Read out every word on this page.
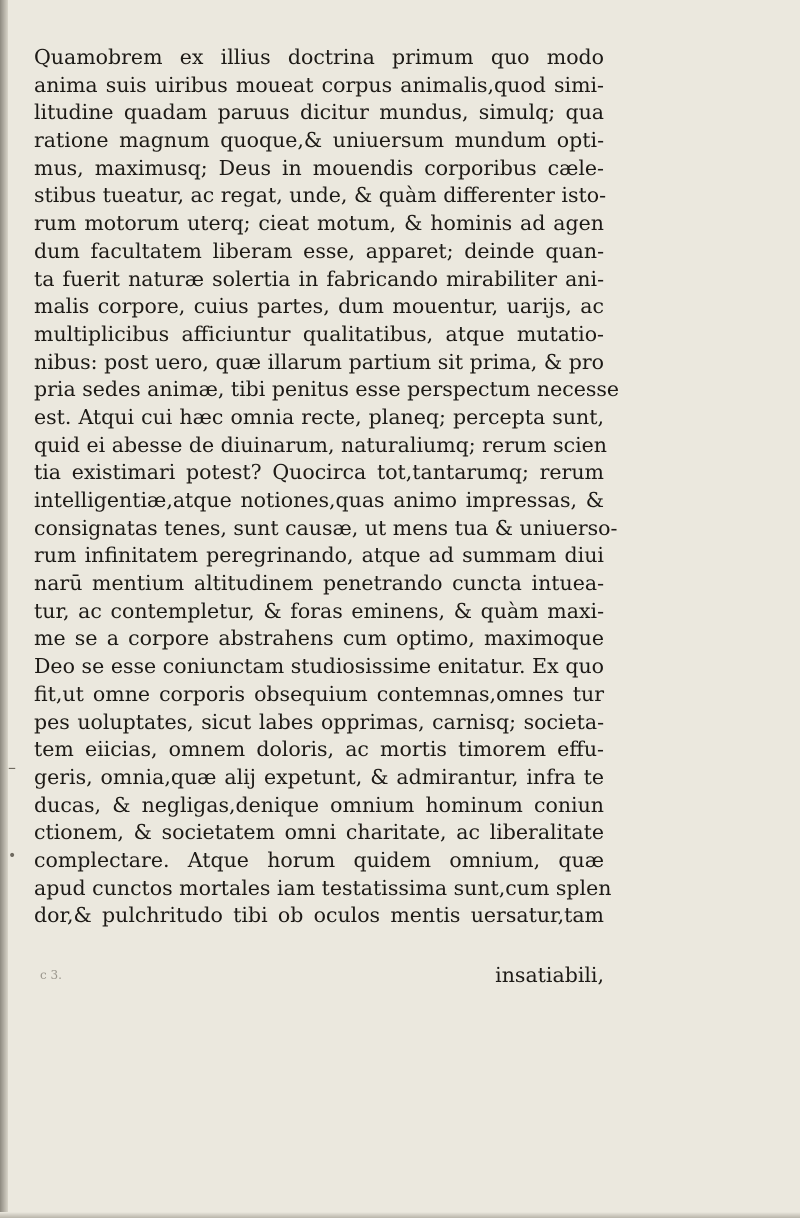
Quamobrem ex illius doctrina primum quo modo
anima suis uiribus moueat corpus animalis,quod simi-
litudine quadam paruus dicitur mundus, simulq; qua
ratione magnum quoque,& uniuersum mundum opti-
mus, maximusq; Deus in mouendis corporibus cæle-
stibus tueatur, ac regat, unde, & quàm differenter isto-
rum motorum uterq; cieat motum, & hominis ad agen
dum facultatem liberam esse, apparet; deinde quan-
ta fuerit naturæ solertia in fabricando mirabiliter ani-
malis corpore, cuius partes, dum mouentur, uarijs, ac
multiplicibus afficiuntur qualitatibus, atque mutatio-
nibus: post uero, quæ illarum partium sit prima, & pro
pria sedes animæ, tibi penitus esse perspectum necesse
est. Atqui cui hæc omnia recte, planeq; percepta sunt,
quid ei abesse de diuinarum, naturaliumq; rerum scien
tia existimari potest? Quocirca tot,tantarumq; rerum
intelligentiæ,atque notiones,quas animo impressas, &
consignatas tenes, sunt causæ, ut mens tua & uniuerso-
rum infinitatem peregrinando, atque ad summam diui
narū mentium altitudinem penetrando cuncta intuea-
tur, ac contempletur, & foras eminens, & quàm maxi-
me se a corpore abstrahens cum optimo, maximoque
Deo se esse coniunctam studiosissime enitatur. Ex quo
fit,ut omne corporis obsequium contemnas,omnes tur
pes uoluptates, sicut labes opprimas, carnisq; societa-
tem eiicias, omnem doloris, ac mortis timorem effu-
geris, omnia,quæ alij expetunt, & admirantur, infra te
ducas, & negligas,denique omnium hominum coniun
ctionem, & societatem omni charitate, ac liberalitate
complectare. Atque horum quidem omnium, quæ
apud cunctos mortales iam testatissima sunt,cum splen
dor,& pulchritudo tibi ob oculos mentis uersatur,tam
c 3.	insatiabili,
–
•
